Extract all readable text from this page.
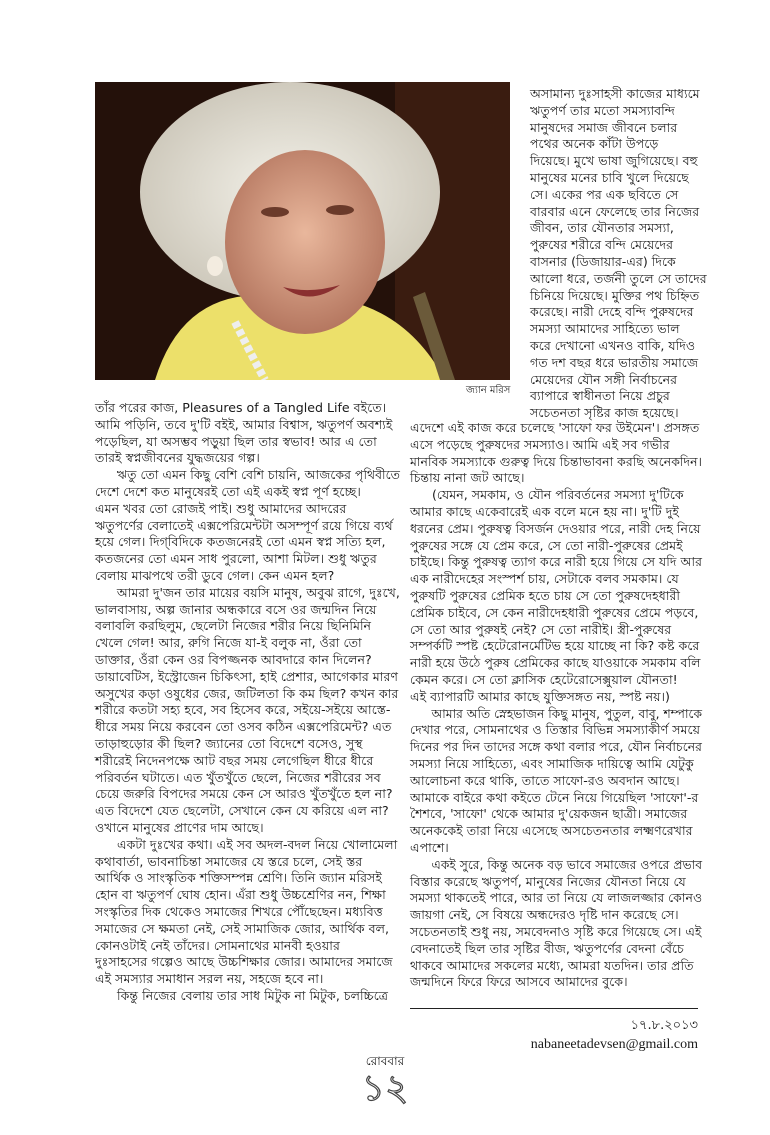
জ্যান মরিস
অসামান্য দুঃসাহসী কাজের মাধ্যমে
ঋতুপর্ণ তার মতো সমস্যাবন্দি
মানুষদের সমাজ জীবনে চলার
পথের অনেক কাঁটা উপড়ে
দিয়েছে। মুখে ভাষা জুগিয়েছে। বহু
মানুষের মনের চাবি খুলে দিয়েছে
সে। একের পর এক ছবিতে সে
বারবার এনে ফেলেছে তার নিজের
জীবন, তার যৌনতার সমস্যা,
পুরুষের শরীরে বন্দি মেয়েদের
বাসনার (ডিজায়ার-এর) দিকে
আলো ধরে, তর্জনী তুলে সে তাদের
চিনিয়ে দিয়েছে। মুক্তির পথ চিহ্নিত
করেছে। নারী দেহে বন্দি পুরুষদের
সমস্যা আমাদের সাহিত্যে ভাল
করে দেখানো এখনও বাকি, যদিও
গত দশ বছর ধরে ভারতীয় সমাজে
মেয়েদের যৌন সঙ্গী নির্বাচনের
ব্যাপারে স্বাধীনতা নিয়ে প্রচুর
সচেতনতা সৃষ্টির কাজ হয়েছে।
তাঁর পরের কাজ, Pleasures of a Tangled Life বইতে।
আমি পড়িনি, তবে দু'টি বইই, আমার বিশ্বাস, ঋতুপর্ণ অবশ্যই
পড়েছিল, যা অসম্ভব পড়ুয়া ছিল তার স্বভাব! আর এ তো
তারই স্বপ্নজীবনের যুদ্ধজয়ের গল্প।
ঋতু তো এমন কিছু বেশি বেশি চায়নি, আজকের পৃথিবীতে
দেশে দেশে কত মানুষেরই তো এই একই স্বপ্ন পূর্ণ হচ্ছে।
এমন খবর তো রোজই পাই। শুধু আমাদের আদরের
ঋতুপর্ণের বেলাতেই এক্সপেরিমেন্টটা অসম্পূর্ণ রয়ে গিয়ে ব্যর্থ
হয়ে গেল। দিগ্‌বিদিকে কতজনেরই তো এমন স্বপ্ন সত্যি হল,
কতজনের তো এমন সাধ পুরলো, আশা মিটল। শুধু ঋতুর
বেলায় মাঝপথে তরী ডুবে গেল। কেন এমন হল?
আমরা দু'জন তার মায়ের বয়সি মানুষ, অবুঝ রাগে, দুঃখে,
ভালবাসায়, অল্প জানার অন্ধকারে বসে ওর জন্মদিন নিয়ে
বলাবলি করছিলুম, ছেলেটা নিজের শরীর নিয়ে ছিনিমিনি
খেলে গেল! আর, রুগি নিজে যা-ই বলুক না, ওঁরা তো
ডাক্তার, ওঁরা কেন ওর বিপজ্জনক আবদারে কান দিলেন?
ডায়াবেটিস, ইস্ট্রোজেন চিকিৎসা, হাই প্রেশার, আগেকার মারণ
অসুখের কড়া ওষুধের জের, জটিলতা কি কম ছিল? কখন কার
শরীরে কতটা সহ্য হবে, সব হিসেব করে, সইয়ে-সইয়ে আস্তে-
ধীরে সময় নিয়ে করবেন তো ওসব কঠিন এক্সপেরিমেন্ট? এত
তাড়াহুড়োর কী ছিল? জ্যানের তো বিদেশে বসেও, সুস্থ
শরীরেই নিদেনপক্ষে আট বছর সময় লেগেছিল ধীরে ধীরে
পরিবর্তন ঘটাতে। এত খুঁতখুঁতে ছেলে, নিজের শরীরের সব
চেয়ে জরুরি বিপদের সময়ে কেন সে আরও খুঁতখুঁতে হল না?
এত বিদেশে যেত ছেলেটা, সেখানে কেন যে করিয়ে এল না?
ওখানে মানুষের প্রাণের দাম আছে।
একটা দুঃখের কথা। এই সব অদল-বদল নিয়ে খোলামেলা
কথাবার্তা, ভাবনাচিন্তা সমাজের যে স্তরে চলে, সেই স্তর
আর্থিক ও সাংস্কৃতিক শক্তিসম্পন্ন শ্রেণি। তিনি জ্যান মরিসই
হোন বা ঋতুপর্ণ ঘোষ হোন। এঁরা শুধু উচ্চশ্রেণির নন, শিক্ষা
সংস্কৃতির দিক থেকেও সমাজের শিখরে পৌঁছেছেন। মধ্যবিত্ত
সমাজের সে ক্ষমতা নেই, সেই সামাজিক জোর, আর্থিক বল,
কোনওটাই নেই তাঁদের। সোমনাথের মানবী হওয়ার
দুঃসাহসের গল্পেও আছে উচ্চশিক্ষার জোর। আমাদের সমাজে
এই সমস্যার সমাধান সরল নয়, সহজে হবে না।
কিন্তু নিজের বেলায় তার সাধ মিটুক না মিটুক, চলচ্চিত্রে
এদেশে এই কাজ করে চলেছে 'সাফো ফর উইমেন'। প্রসঙ্গত
এসে পড়েছে পুরুষদের সমস্যাও। আমি এই সব গভীর
মানবিক সমস্যাকে গুরুত্ব দিয়ে চিন্তাভাবনা করছি অনেকদিন।
চিন্তায় নানা জট আছে।
(যেমন, সমকাম, ও যৌন পরিবর্তনের সমস্যা দু'টিকে
আমার কাছে একেবারেই এক বলে মনে হয় না। দু'টি দুই
ধরনের প্রেম। পুরুষত্ব বিসর্জন দেওয়ার পরে, নারী দেহ নিয়ে
পুরুষের সঙ্গে যে প্রেম করে, সে তো নারী-পুরুষের প্রেমই
চাইছে। কিন্তু পুরুষত্ব ত্যাগ করে নারী হয়ে গিয়ে সে যদি আর
এক নারীদেহের সংস্পর্শ চায়, সেটাকে বলব সমকাম। যে
পুরুষটি পুরুষের প্রেমিক হতে চায় সে তো পুরুষদেহধারী
প্রেমিক চাইবে, সে কেন নারীদেহধারী পুরুষের প্রেমে পড়বে,
সে তো আর পুরুষই নেই? সে তো নারীই। স্ত্রী-পুরুষের
সম্পর্কটি স্পষ্ট হেটেরোনর্মেটিভ হয়ে যাচ্ছে না কি? কষ্ট করে
নারী হয়ে উঠে পুরুষ প্রেমিকের কাছে যাওয়াকে সমকাম বলি
কেমন করে। সে তো ক্লাসিক হেটেরোসেক্সুয়াল যৌনতা!
এই ব্যাপারটি আমার কাছে যুক্তিসঙ্গত নয়, স্পষ্ট নয়।)
আমার অতি স্নেহভাজন কিছু মানুষ, পুতুল, বাবু, শম্পাকে
দেখার পরে, সোমনাথের ও তিস্তার বিভিন্ন সমস্যাকীর্ণ সময়ে
দিনের পর দিন তাদের সঙ্গে কথা বলার পরে, যৌন নির্বাচনের
সমস্যা নিয়ে সাহিত্যে, এবং সামাজিক দায়িত্বে আমি যেটুকু
আলোচনা করে থাকি, তাতে সাফো-রও অবদান আছে।
আমাকে বাইরে কথা কইতে টেনে নিয়ে গিয়েছিল 'সাফো'-র
শৈশবে, 'সাফো' থেকে আমার দু'য়েকজন ছাত্রী। সমাজের
অনেককেই তারা নিয়ে এসেছে অসচেতনতার লক্ষ্মণরেখার
এপাশে।
একই সুরে, কিন্তু অনেক বড় ভাবে সমাজের ওপরে প্রভাব
বিস্তার করেছে ঋতুপর্ণ, মানুষের নিজের যৌনতা নিয়ে যে
সমস্যা থাকতেই পারে, আর তা নিয়ে যে লাজলজ্জার কোনও
জায়গা নেই, সে বিষয়ে অন্ধদেরও দৃষ্টি দান করেছে সে।
সচেতনতাই শুধু নয়, সমবেদনাও সৃষ্টি করে গিয়েছে সে। এই
বেদনাতেই ছিল তার সৃষ্টির বীজ, ঋতুপর্ণের বেদনা বেঁচে
থাকবে আমাদের সকলের মধ্যে, আমরা যতদিন। তার প্রতি
জন্মদিনে ফিরে ফিরে আসবে আমাদের বুকে।
১৭.৮.২০১৩
nabaneetadevsen@gmail.com
রোববার
১২
